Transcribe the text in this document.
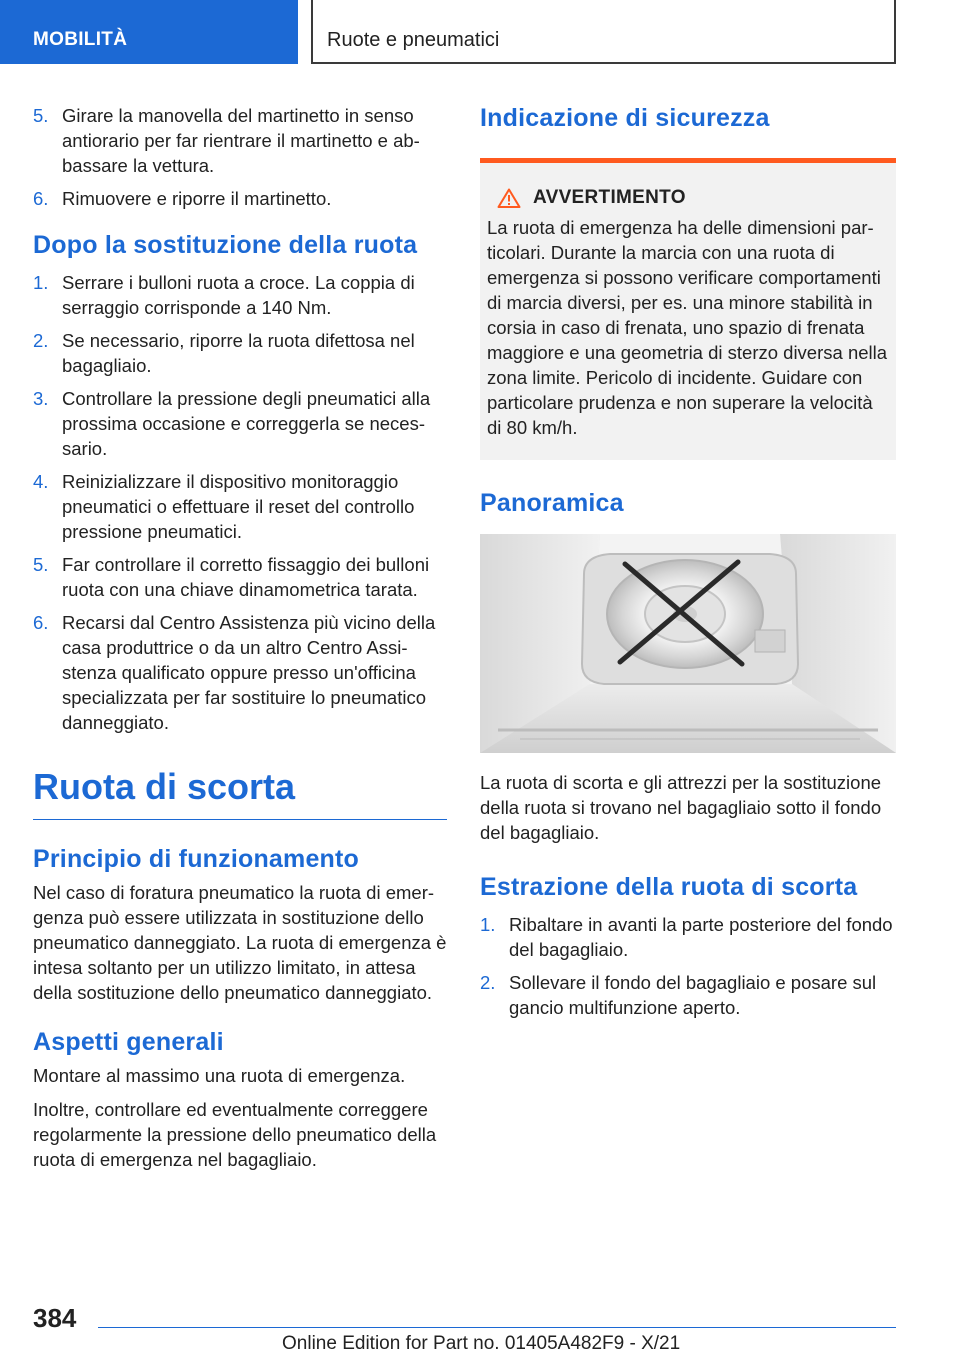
MOBILITÀ	Ruote e pneumatici
5. Girare la manovella del martinetto in senso antiorario per far rientrare il martinetto e abbassare la vettura.
6. Rimuovere e riporre il martinetto.
Dopo la sostituzione della ruota
1. Serrare i bulloni ruota a croce. La coppia di serraggio corrisponde a 140 Nm.
2. Se necessario, riporre la ruota difettosa nel bagagliaio.
3. Controllare la pressione degli pneumatici alla prossima occasione e correggerla se necessario.
4. Reinizializzare il dispositivo monitoraggio pneumatici o effettuare il reset del controllo pressione pneumatici.
5. Far controllare il corretto fissaggio dei bulloni ruota con una chiave dinamometrica tarata.
6. Recarsi dal Centro Assistenza più vicino della casa produttrice o da un altro Centro Assistenza qualificato oppure presso un'officina specializzata per far sostituire lo pneumatico danneggiato.
Ruota di scorta
Principio di funzionamento

Nel caso di foratura pneumatico la ruota di emergenza può essere utilizzata in sostituzione dello pneumatico danneggiato. La ruota di emergenza è intesa soltanto per un utilizzo limitato, in attesa della sostituzione dello pneumatico danneggiato.

Aspetti generali

Montare al massimo una ruota di emergenza.

Inoltre, controllare ed eventualmente correggere regolarmente la pressione dello pneumatico della ruota di emergenza nel bagagliaio.

Indicazione di sicurezza
AVVERTIMENTO

La ruota di emergenza ha delle dimensioni particolari. Durante la marcia con una ruota di emergenza si possono verificare comportamenti di marcia diversi, per es. una minore stabilità in corsia in caso di frenata, uno spazio di frenata maggiore e una geometria di sterzo diversa nella zona limite. Pericolo di incidente. Guidare con particolare prudenza e non superare la velocità di 80 km/h.

Panoramica

La ruota di scorta e gli attrezzi per la sostituzione della ruota si trovano nel bagagliaio sotto il fondo del bagagliaio.

Estrazione della ruota di scorta
1. Ribaltare in avanti la parte posteriore del fondo del bagagliaio.
2. Sollevare il fondo del bagagliaio e posare sul gancio multifunzione aperto.
384
Online Edition for Part no. 01405A482F9 - X/21
